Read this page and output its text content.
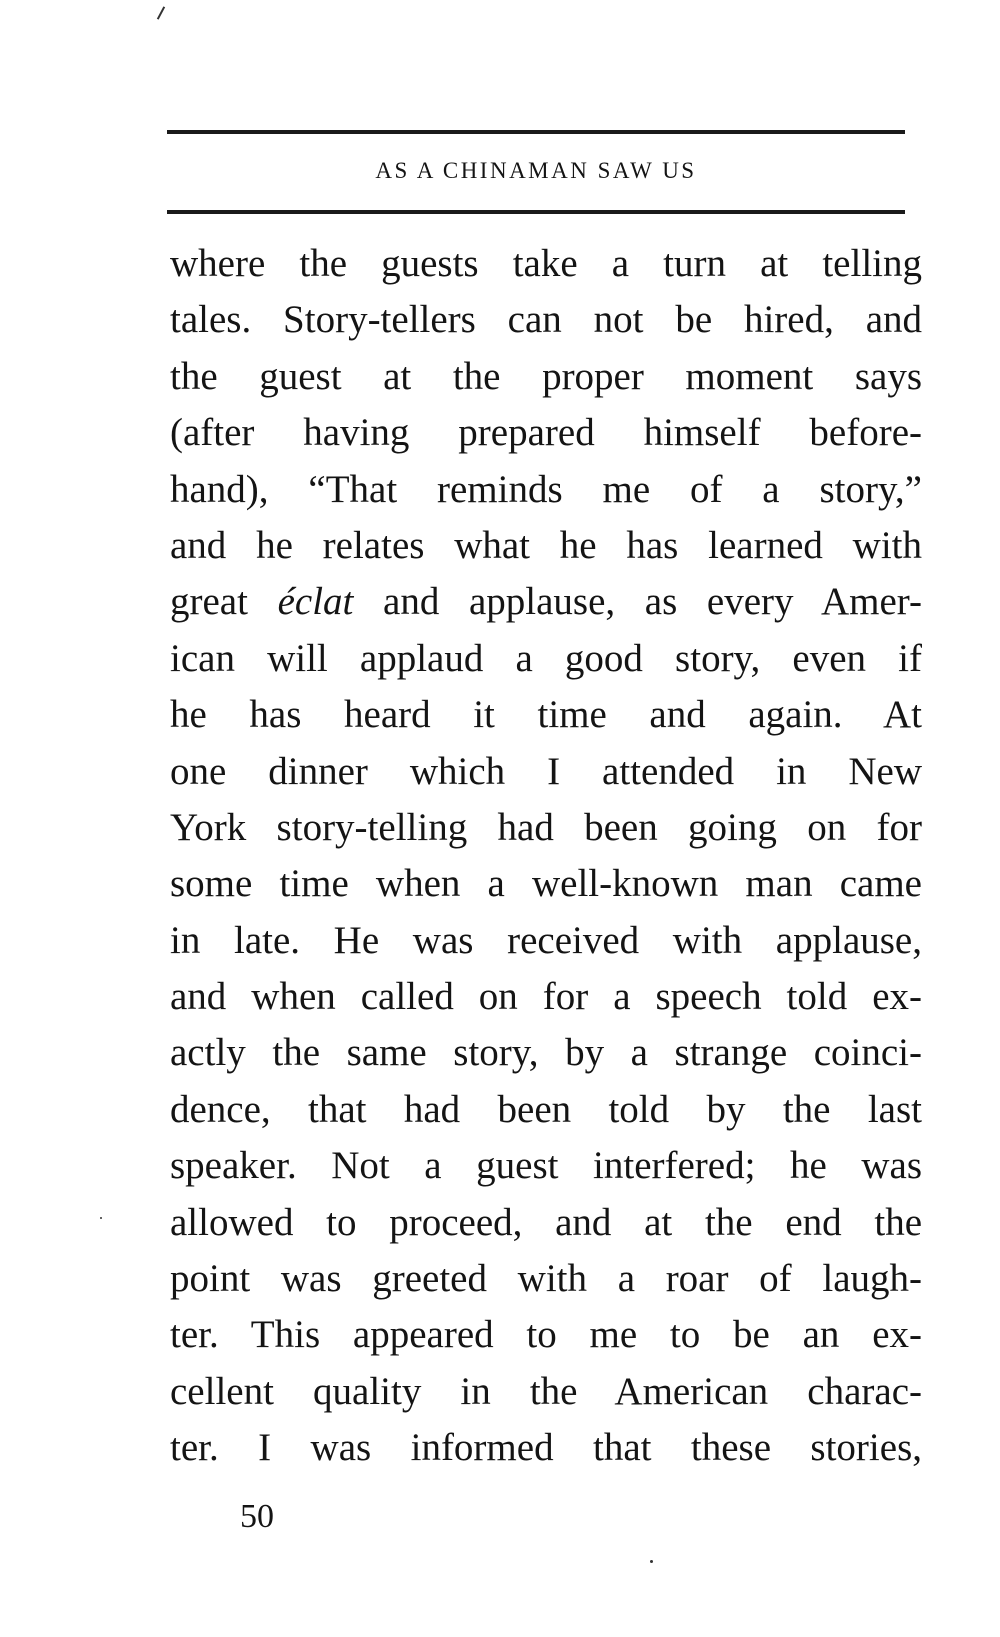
AS A CHINAMAN SAW US
where the guests take a turn at telling
tales. Story-tellers can not be hired, and
the guest at the proper moment says
(after having prepared himself before-
hand), “That reminds me of a story,”
and he relates what he has learned with
great éclat and applause, as every Amer-
ican will applaud a good story, even if
he has heard it time and again. At
one dinner which I attended in New
York story-telling had been going on for
some time when a well-known man came
in late. He was received with applause,
and when called on for a speech told ex-
actly the same story, by a strange coinci-
dence, that had been told by the last
speaker. Not a guest interfered; he was
allowed to proceed, and at the end the
point was greeted with a roar of laugh-
ter. This appeared to me to be an ex-
cellent quality in the American charac-
ter. I was informed that these stories,
50
